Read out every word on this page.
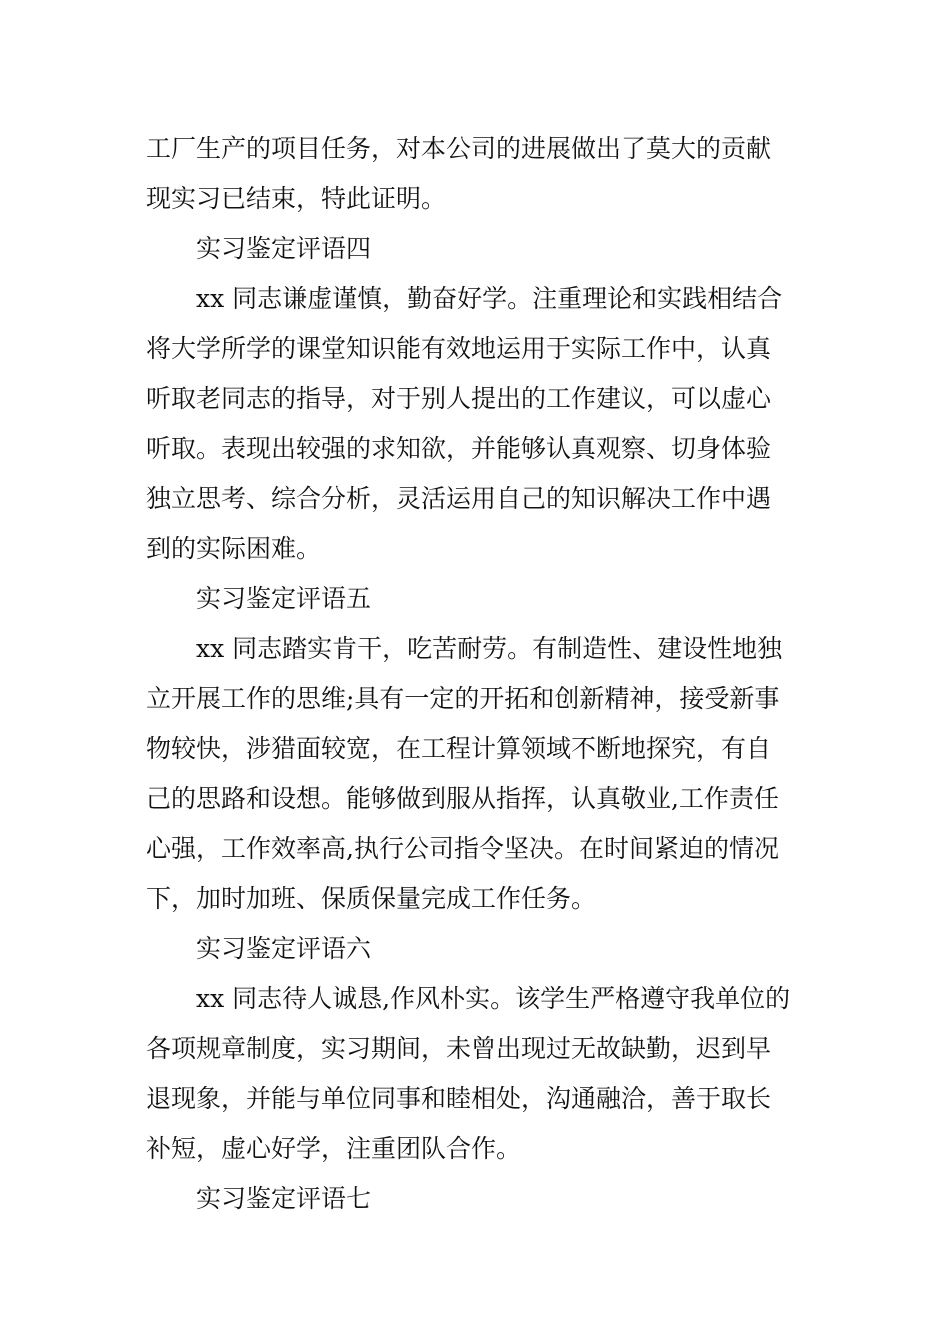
工厂生产的项目任务，对本公司的进展做出了莫大的贡献
现实习已结束，特此证明。
实习鉴定评语四
xx 同志谦虚谨慎，勤奋好学。注重理论和实践相结合
将大学所学的课堂知识能有效地运用于实际工作中，认真
听取老同志的指导，对于别人提出的工作建议，可以虚心
听取。表现出较强的求知欲，并能够认真观察、切身体验
独立思考、综合分析，灵活运用自己的知识解决工作中遇
到的实际困难。
实习鉴定评语五
xx 同志踏实肯干，吃苦耐劳。有制造性、建设性地独
立开展工作的思维;具有一定的开拓和创新精神，接受新事
物较快，涉猎面较宽，在工程计算领域不断地探究，有自
己的思路和设想。能够做到服从指挥，认真敬业,工作责任
心强，工作效率高,执行公司指令坚决。在时间紧迫的情况
下，加时加班、保质保量完成工作任务。
实习鉴定评语六
xx 同志待人诚恳,作风朴实。该学生严格遵守我单位的
各项规章制度，实习期间，未曾出现过无故缺勤，迟到早
退现象，并能与单位同事和睦相处，沟通融洽，善于取长
补短，虚心好学，注重团队合作。
实习鉴定评语七
